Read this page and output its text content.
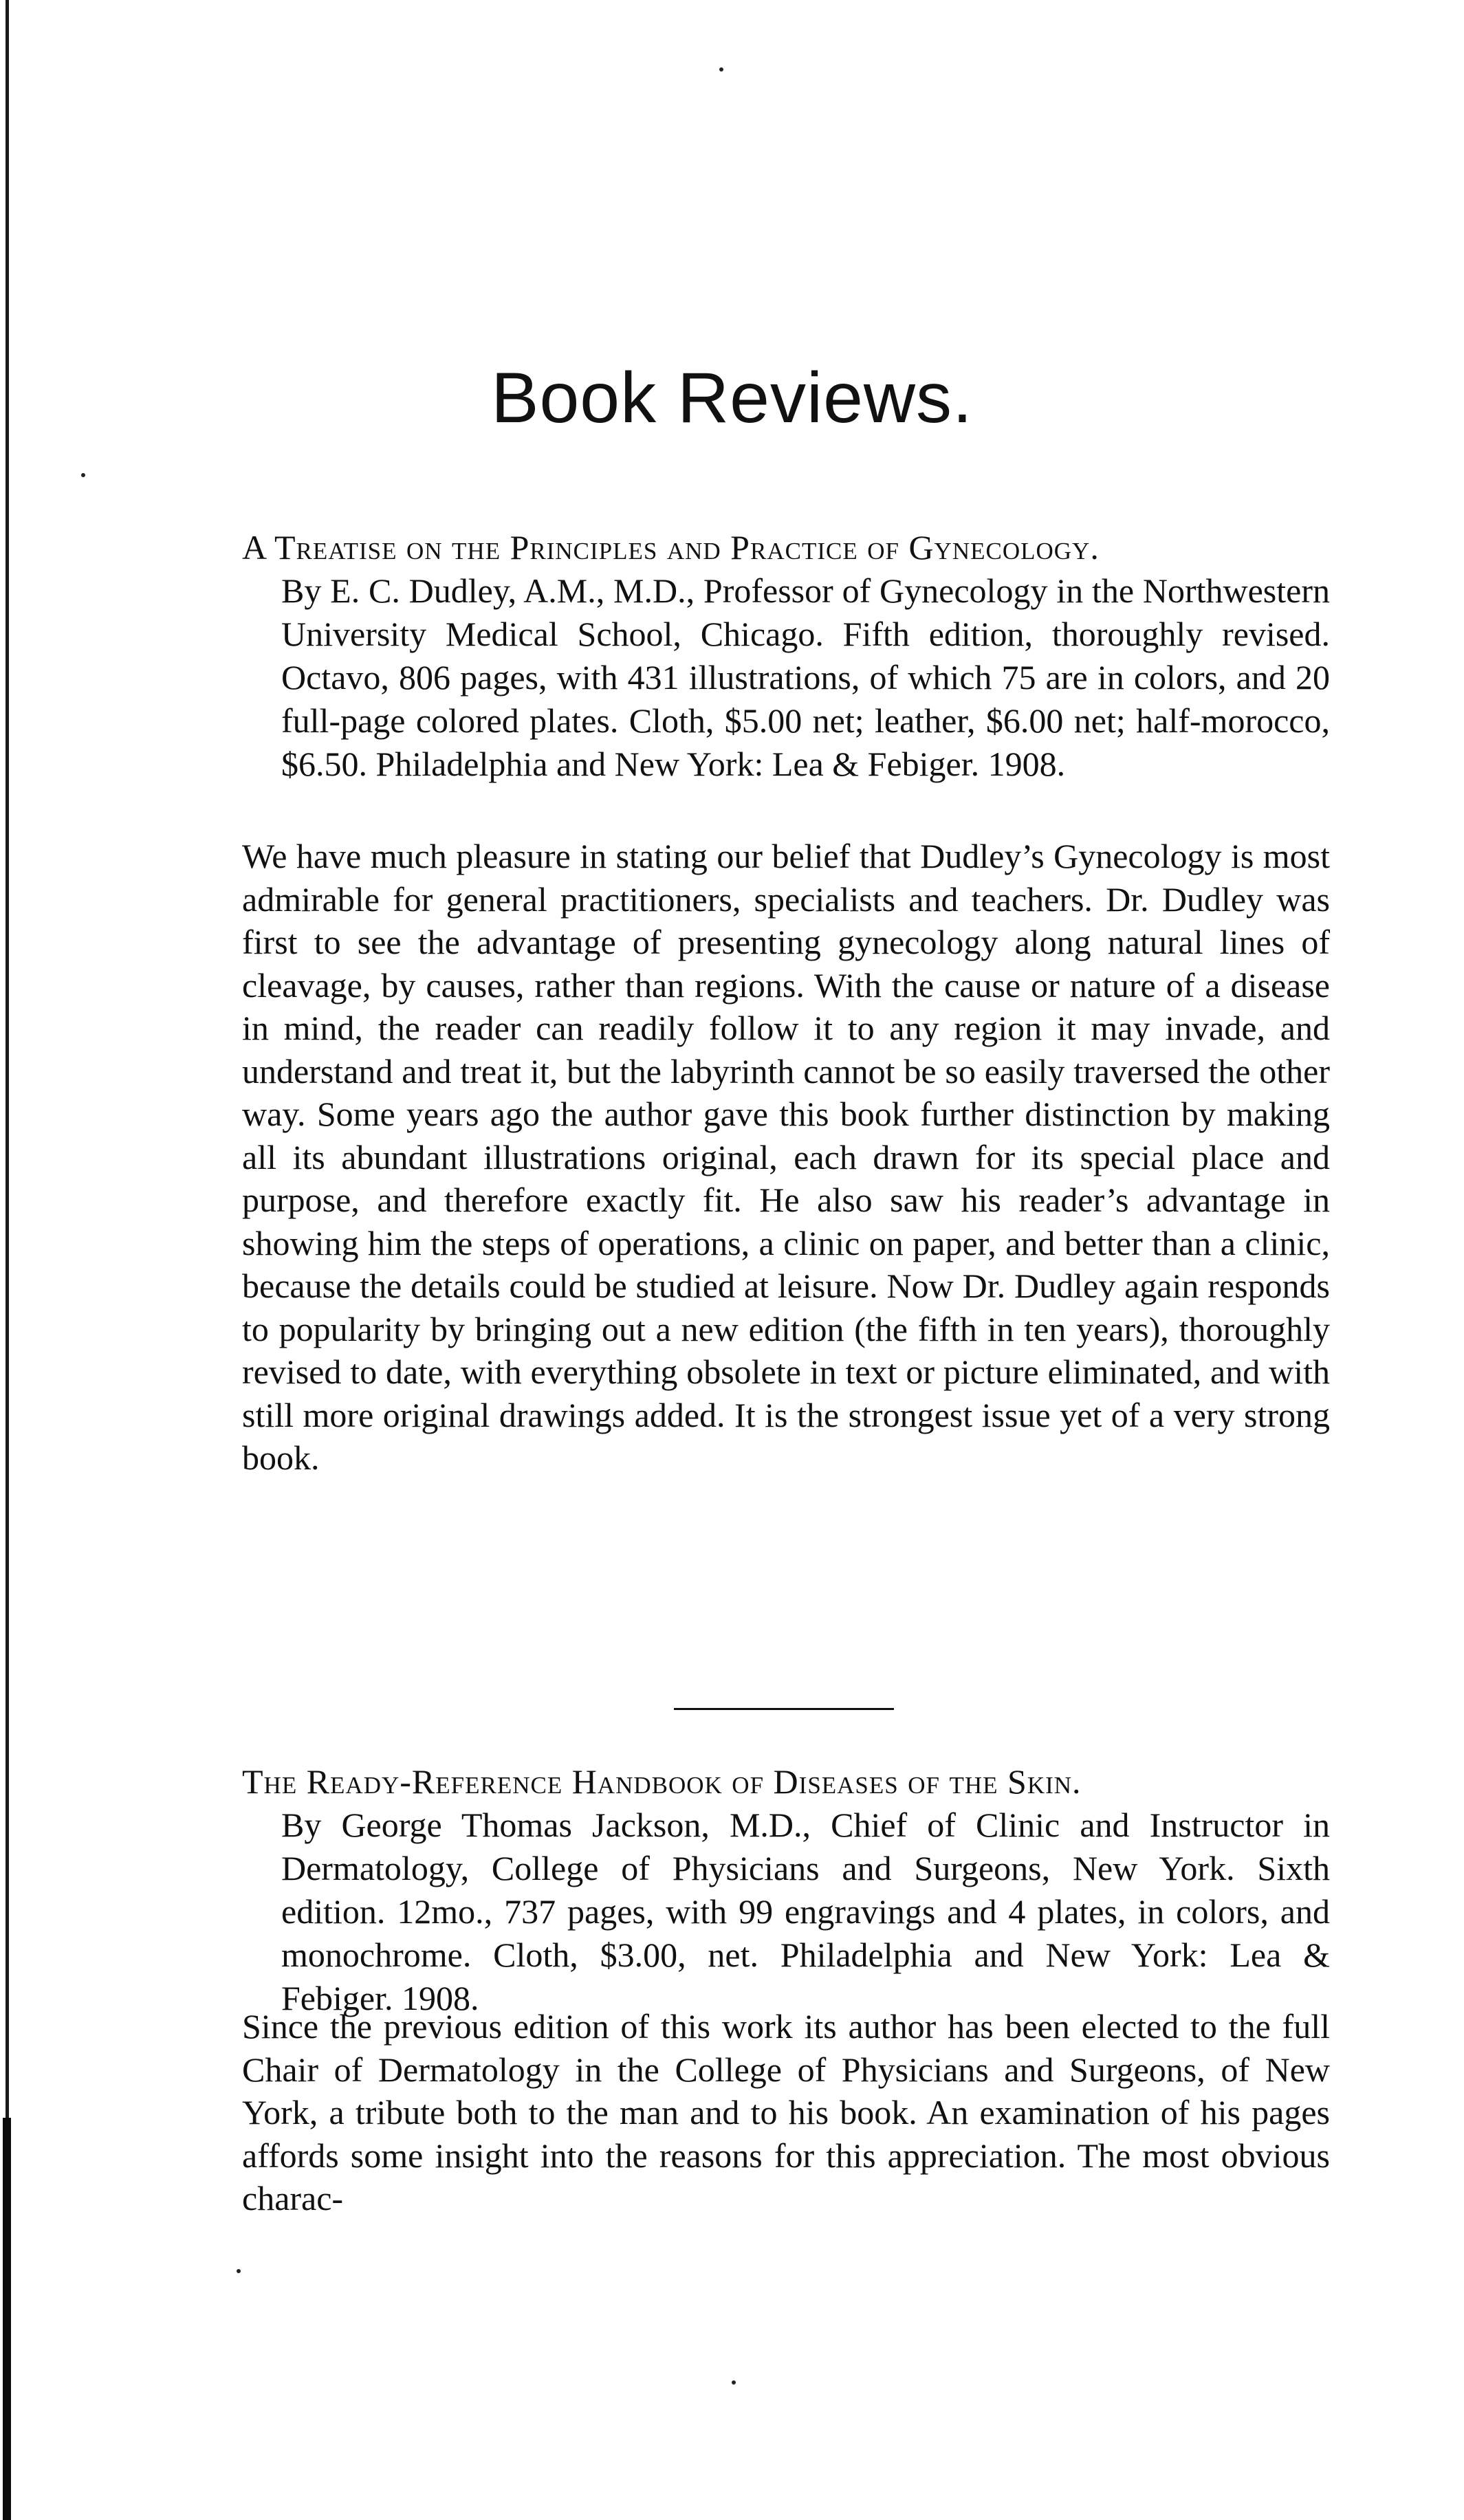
Book Reviews.
A Treatise on the Principles and Practice of Gynecology.
By E. C. Dudley, A.M., M.D., Professor of Gynecology in the Northwestern University Medical School, Chicago. Fifth edition, thoroughly revised. Octavo, 806 pages, with 431 illustrations, of which 75 are in colors, and 20 full-page colored plates. Cloth, $5.00 net; leather, $6.00 net; half-morocco, $6.50. Philadelphia and New York: Lea & Febiger. 1908.

We have much pleasure in stating our belief that Dudley’s Gynecology is most admirable for general practitioners, specialists and teachers. Dr. Dudley was first to see the advantage of presenting gynecology along natural lines of cleavage, by causes, rather than regions. With the cause or nature of a disease in mind, the reader can readily follow it to any region it may invade, and understand and treat it, but the labyrinth cannot be so easily traversed the other way. Some years ago the author gave this book further distinction by making all its abundant illustrations original, each drawn for its special place and purpose, and therefore exactly fit. He also saw his reader’s advantage in showing him the steps of operations, a clinic on paper, and better than a clinic, because the details could be studied at leisure. Now Dr. Dudley again responds to popularity by bringing out a new edition (the fifth in ten years), thoroughly revised to date, with everything obsolete in text or picture eliminated, and with still more original drawings added. It is the strongest issue yet of a very strong book.

The Ready-Reference Handbook of Diseases of the Skin.
By George Thomas Jackson, M.D., Chief of Clinic and Instructor in Dermatology, College of Physicians and Surgeons, New York. Sixth edition. 12mo., 737 pages, with 99 engravings and 4 plates, in colors, and monochrome. Cloth, $3.00, net. Philadelphia and New York: Lea & Febiger. 1908.

Since the previous edition of this work its author has been elected to the full Chair of Dermatology in the College of Physicians and Surgeons, of New York, a tribute both to the man and to his book. An examination of his pages affords some insight into the reasons for this appreciation. The most obvious charac-
